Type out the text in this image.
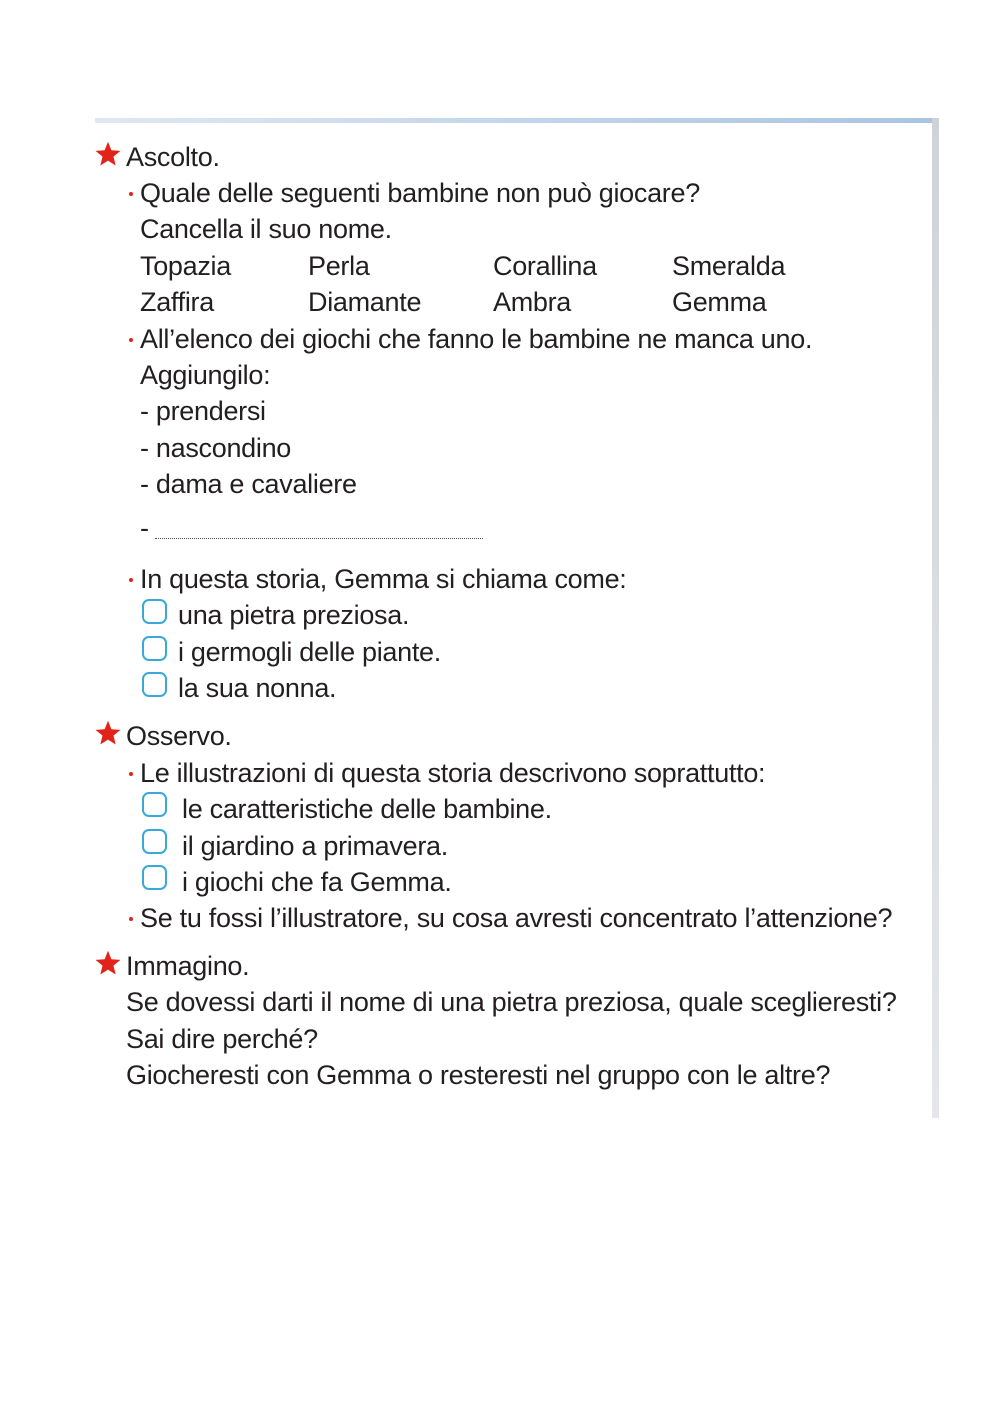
Ascolto.
Quale delle seguenti bambine non può giocare?
Cancella il suo nome.
Topazia	Perla	Corallina	Smeralda
Zaffira	Diamante	Ambra	Gemma
All’elenco dei giochi che fanno le bambine ne manca uno.
Aggiungilo:
- prendersi
- nascondino
- dama e cavaliere
-
In questa storia, Gemma si chiama come:
una pietra preziosa.
i germogli delle piante.
la sua nonna.
Osservo.
Le illustrazioni di questa storia descrivono soprattutto:
le caratteristiche delle bambine.
il giardino a primavera.
i giochi che fa Gemma.
Se tu fossi l’illustratore, su cosa avresti concentrato l’attenzione?
Immagino.
Se dovessi darti il nome di una pietra preziosa, quale sceglieresti?
Sai dire perché?
Giocheresti con Gemma o resteresti nel gruppo con le altre?
